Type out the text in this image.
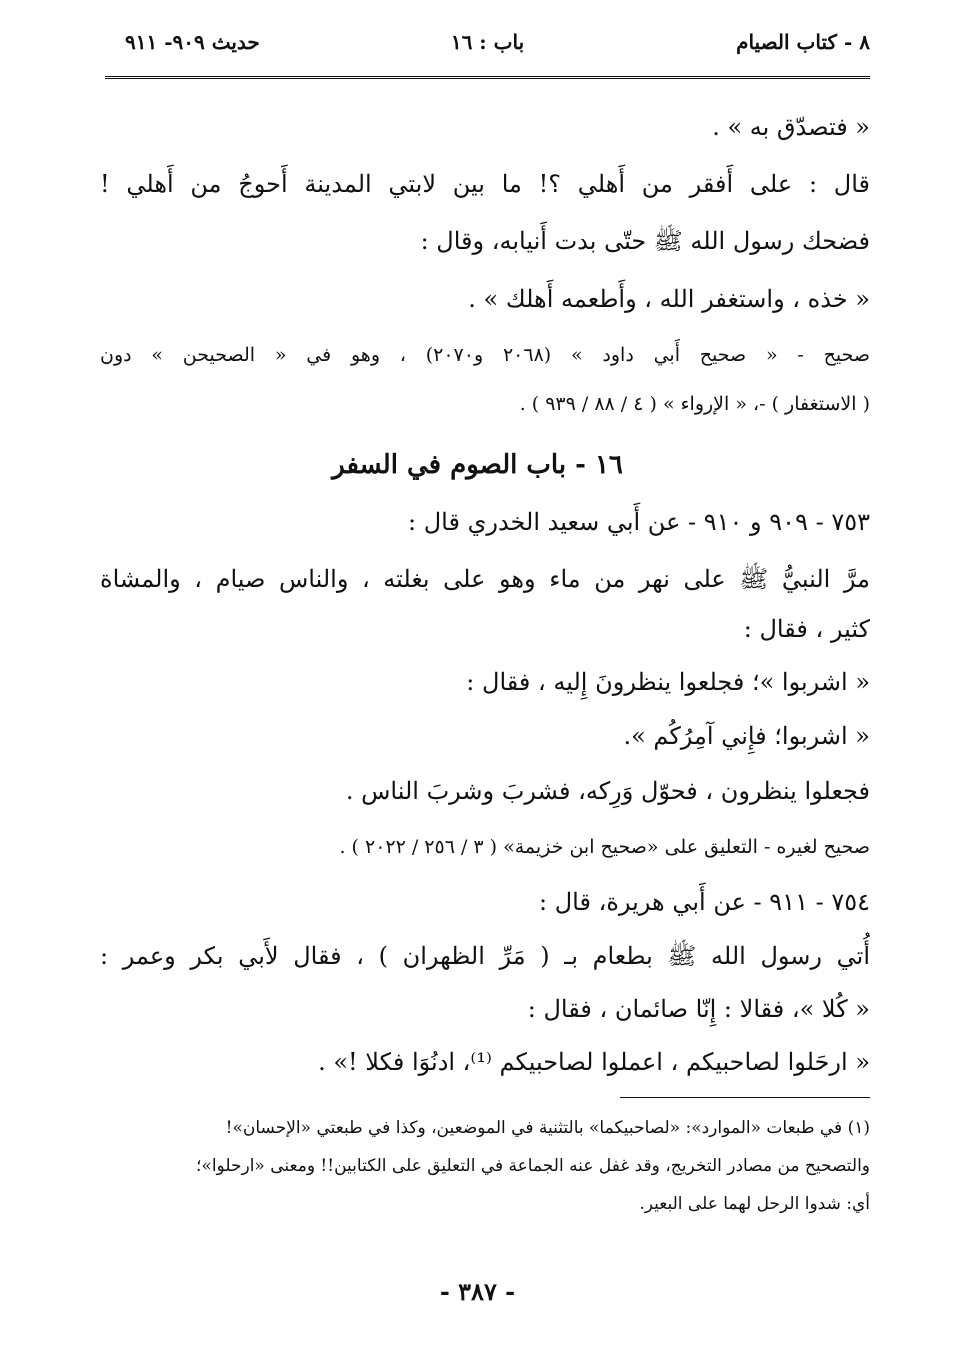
٨ - كتاب الصيام
باب : ١٦
حديث ٩٠٩- ٩١١
« فتصدّق به » .
قال : على أَفقر من أَهلي ؟! ما بين لابتي المدينة أَحوجُ من أَهلي !
فضحك رسول الله ﷺ حتّى بدت أَنيابه، وقال :
« خذه ، واستغفر الله ، وأَطعمه أَهلك » .
صحيح - « صحيح أَبي داود » (٢٠٦٨ و٢٠٧٠) ، وهو في « الصحيحن » دون
( الاستغفار ) -، « الإرواء » ( ٤ / ٨٨ / ٩٣٩ ) .
١٦ - باب الصوم في السفر
٧٥٣ - ٩٠٩ و ٩١٠ - عن أَبي سعيد الخدري قال :
مرَّ النبيُّ ﷺ على نهر من ماء وهو على بغلته ، والناس صيام ، والمشاة
كثير ، فقال :
« اشربوا »؛ فجلعوا ينظرونَ إِليه ، فقال :
« اشربوا؛ فإِني آمِرُكُم ».
فجعلوا ينظرون ، فحوّل وَرِكه، فشربَ وشربَ الناس .
صحيح لغيره - التعليق على «صحيح ابن خزيمة» ( ٣ / ٢٥٦ / ٢٠٢٢ ) .
٧٥٤ - ٩١١ - عن أَبي هريرة، قال :
أُتي رسول الله ﷺ بطعام بـ ( مَرِّ الظهران ) ، فقال لأَبي بكر وعمر :
« كُلا »، فقالا : إِنّا صائمان ، فقال :
« ارحَلوا لصاحبيكم ، اعملوا لصاحبيكم ⁽¹⁾، ادنُوَا فكلا !» .
(١) في طبعات «الموارد»: «لصاحبيكما» بالتثنية في الموضعين، وكذا في طبعتي «الإحسان»!
والتصحيح من مصادر التخريج، وقد غفل عنه الجماعة في التعليق على الكتابين!! ومعنى «ارحلوا»؛
أي: شدوا الرحل لهما على البعير.
- ٣٨٧ -
